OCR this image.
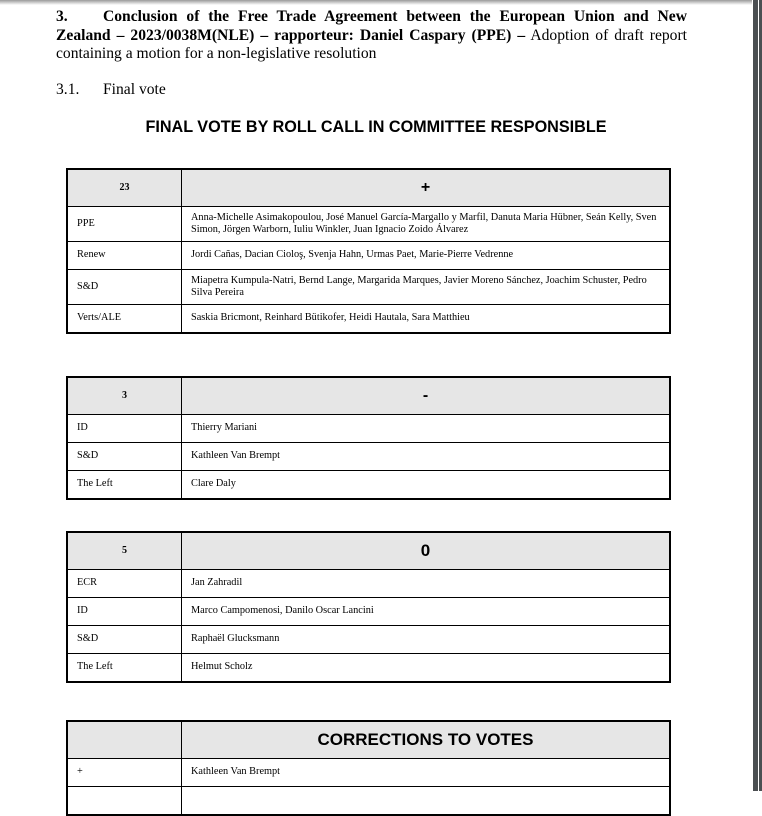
3. Conclusion of the Free Trade Agreement between the European Union and New Zealand – 2023/0038M(NLE) – rapporteur: Daniel Caspary (PPE) – Adoption of draft report containing a motion for a non-legislative resolution
3.1. Final vote
FINAL VOTE BY ROLL CALL IN COMMITTEE RESPONSIBLE
23	+
PPE	Anna-Michelle Asimakopoulou, José Manuel García-Margallo y Marfil, Danuta Maria Hübner, Seán Kelly, Sven Simon, Jörgen Warborn, Iuliu Winkler, Juan Ignacio Zoido Álvarez
Renew	Jordi Cañas, Dacian Cioloş, Svenja Hahn, Urmas Paet, Marie-Pierre Vedrenne
S&D	Miapetra Kumpula-Natri, Bernd Lange, Margarida Marques, Javier Moreno Sánchez, Joachim Schuster, Pedro Silva Pereira
Verts/ALE	Saskia Bricmont, Reinhard Bütikofer, Heidi Hautala, Sara Matthieu
3	-
ID	Thierry Mariani
S&D	Kathleen Van Brempt
The Left	Clare Daly
5	0
ECR	Jan Zahradil
ID	Marco Campomenosi, Danilo Oscar Lancini
S&D	Raphaël Glucksmann
The Left	Helmut Scholz
	CORRECTIONS TO VOTES
+	Kathleen Van Brempt
